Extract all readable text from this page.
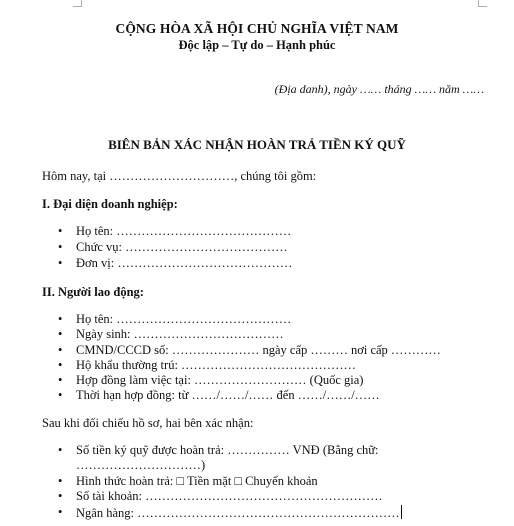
CỘNG HÒA XÃ HỘI CHỦ NGHĨA VIỆT NAM
Độc lập – Tự do – Hạnh phúc
(Địa danh), ngày …… tháng …… năm ……
BIÊN BẢN XÁC NHẬN HOÀN TRẢ TIỀN KÝ QUỸ
Hôm nay, tại …………………………, chúng tôi gồm:
I. Đại diện doanh nghiệp:
• Họ tên: ……………………………………
• Chức vụ: …………………………………
• Đơn vị: ……………………………………
II. Người lao động:
• Họ tên: ……………………………………
• Ngày sinh: ………………………………
• CMND/CCCD số: ………………… ngày cấp ……… nơi cấp …………
• Hộ khẩu thường trú: ……………………………………
• Hợp đồng làm việc tại: ……………………… (Quốc gia)
• Thời hạn hợp đồng: từ ……/……/…… đến ……/……/……
Sau khi đối chiếu hồ sơ, hai bên xác nhận:
• Số tiền ký quỹ được hoàn trả: …………… VNĐ (Bằng chữ:
…………………………)
• Hình thức hoàn trả: □ Tiền mặt □ Chuyển khoản
• Số tài khoản: …………………………………………………
• Ngân hàng: ………………………………………………………
